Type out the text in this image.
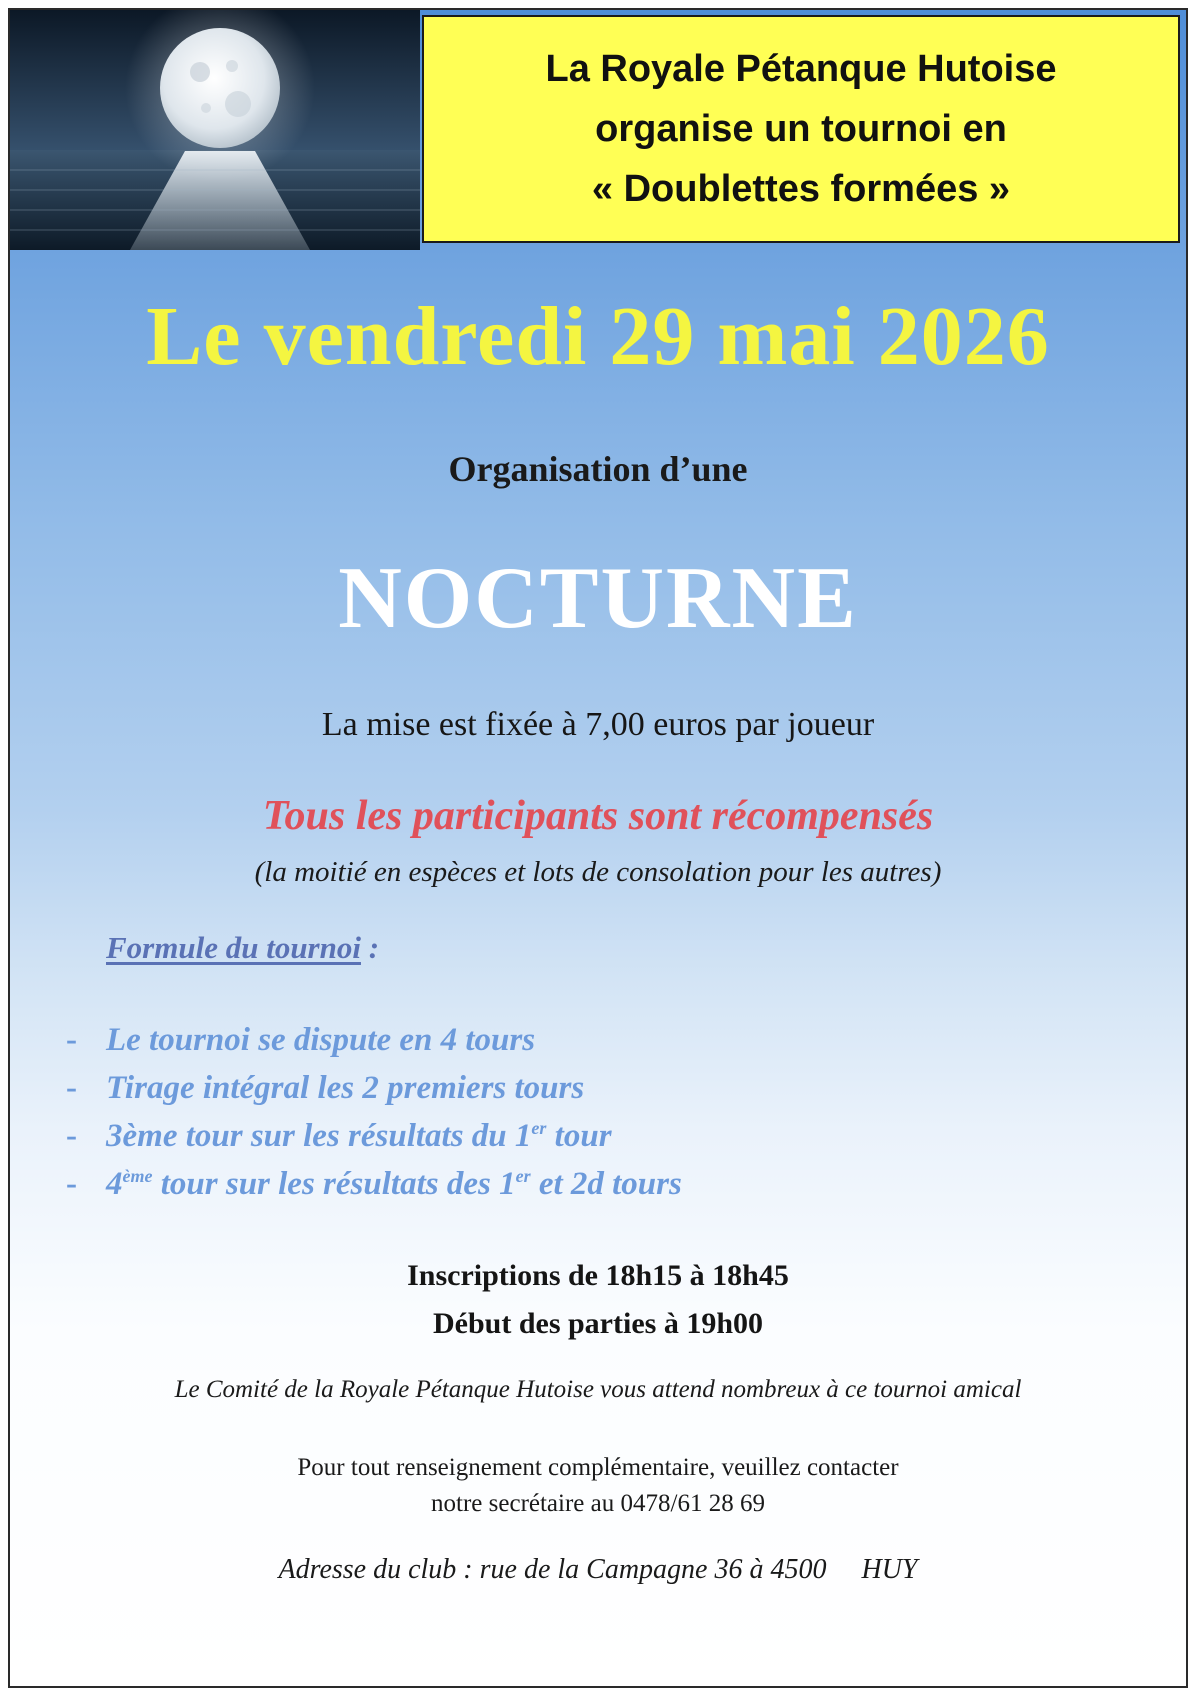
La Royale Pétanque Hutoise
organise un tournoi en
« Doublettes formées »
Le vendredi 29 mai 2026
Organisation d’une
NOCTURNE
La mise est fixée à 7,00 euros par joueur
Tous les participants sont récompensés
(la moitié en espèces et lots de consolation pour les autres)
Formule du tournoi :
- Le tournoi se dispute en 4 tours
- Tirage intégral les 2 premiers tours
- 3ème tour sur les résultats du 1er tour
- 4ème tour sur les résultats des 1er et 2d tours
Inscriptions de 18h15 à 18h45
Début des parties à 19h00
Le Comité de la Royale Pétanque Hutoise vous attend nombreux à ce tournoi amical
Pour tout renseignement complémentaire, veuillez contacter
notre secrétaire au 0478/61 28 69
Adresse du club : rue de la Campagne 36 à 4500     HUY
